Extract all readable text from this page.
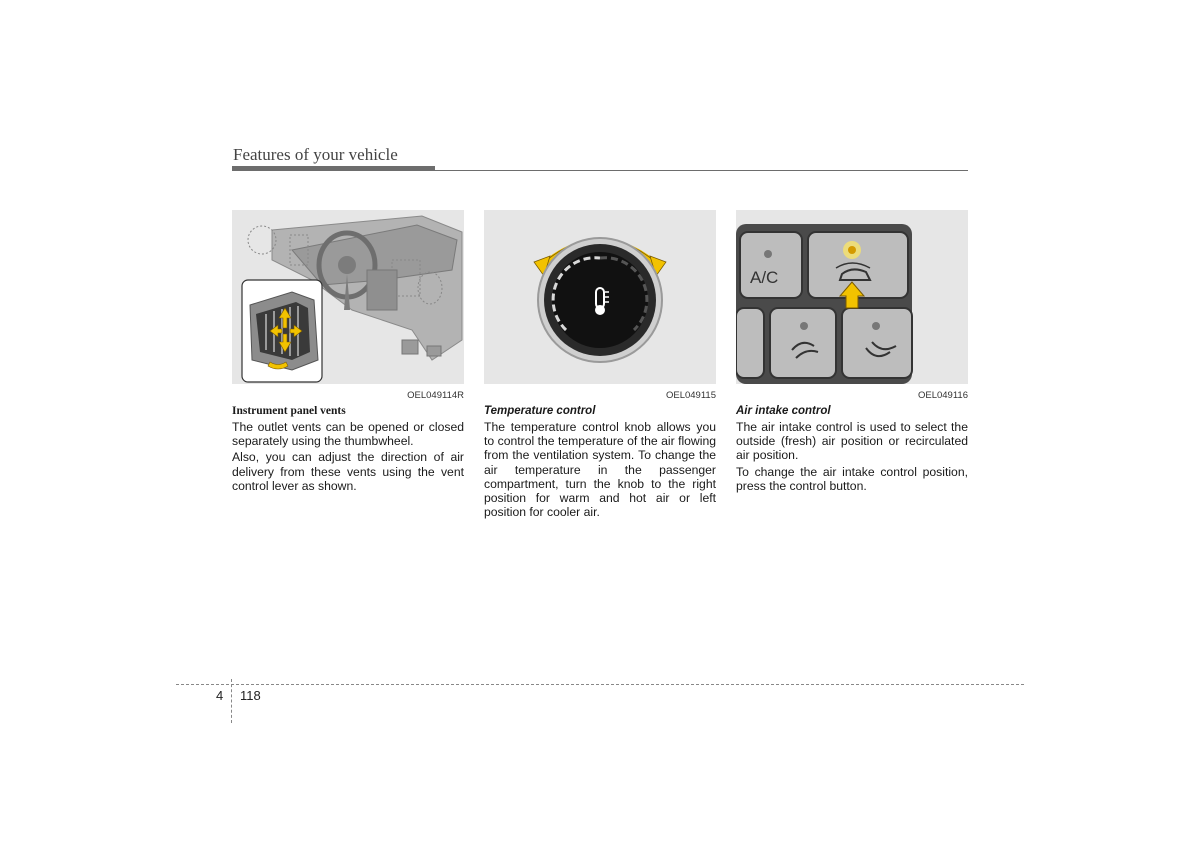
Features of your vehicle
OEL049114R
Instrument panel vents

The outlet vents can be opened or closed separately using the thumbwheel.

Also, you can adjust the direction of air delivery from these vents using the vent control lever as shown.

OEL049115
Temperature control

The temperature control knob allows you to control the temperature of the air flowing from the ventilation system. To change the air temperature in the passenger compartment, turn the knob to the right position for warm and hot air or left position for cooler air.

A/C
OEL049116
Air intake control

The air intake control is used to select the outside (fresh) air position or recirculated air position.

To change the air intake control position, press the control button.

4 118
